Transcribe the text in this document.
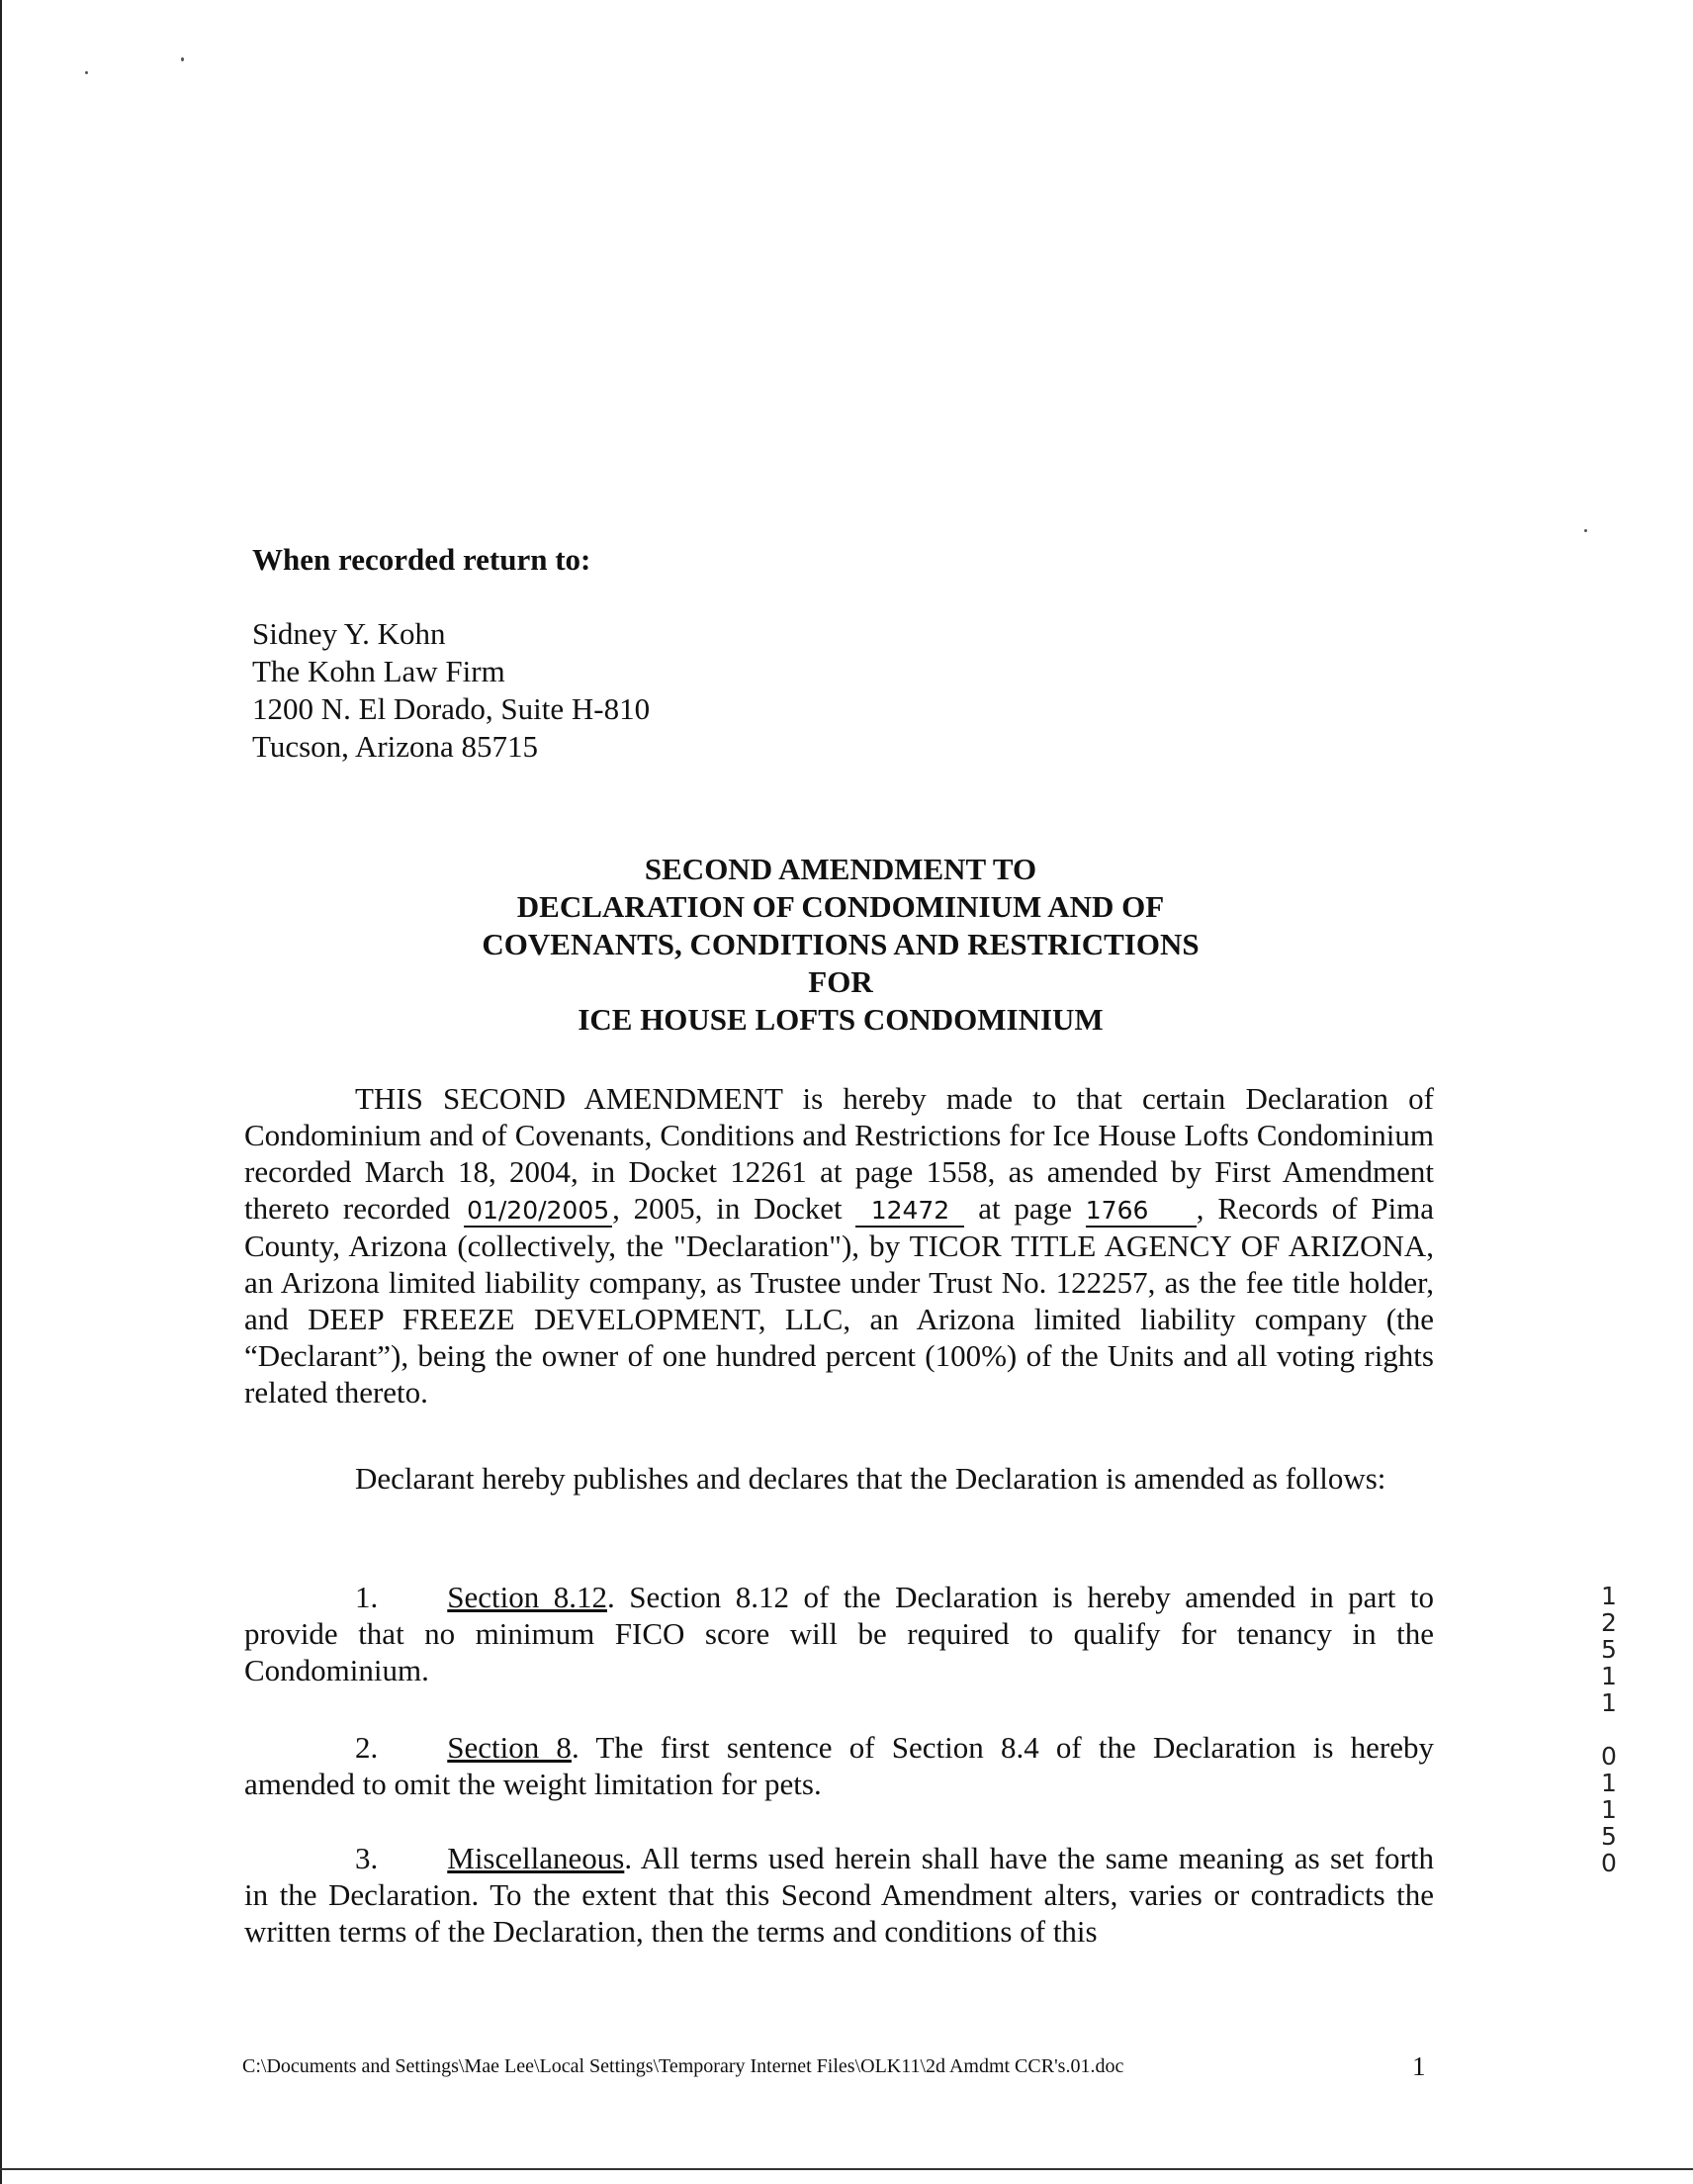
When recorded return to:
Sidney Y. Kohn
The Kohn Law Firm
1200 N. El Dorado, Suite H-810
Tucson, Arizona 85715
SECOND AMENDMENT TO
DECLARATION OF CONDOMINIUM AND OF
COVENANTS, CONDITIONS AND RESTRICTIONS
FOR
ICE HOUSE LOFTS CONDOMINIUM
THIS SECOND AMENDMENT is hereby made to that certain Declaration of Condominium and of Covenants, Conditions and Restrictions for Ice House Lofts Condominium recorded March 18, 2004, in Docket 12261 at page 1558, as amended by First Amendment thereto recorded 01/20/2005, 2005, in Docket 12472 at page 1766 , Records of Pima County, Arizona (collectively, the "Declaration"), by TICOR TITLE AGENCY OF ARIZONA, an Arizona limited liability company, as Trustee under Trust No. 122257, as the fee title holder, and DEEP FREEZE DEVELOPMENT, LLC, an Arizona limited liability company (the “Declarant”), being the owner of one hundred percent (100%) of the Units and all voting rights related thereto.
Declarant hereby publishes and declares that the Declaration is amended as follows:
1. Section 8.12. Section 8.12 of the Declaration is hereby amended in part to provide that no minimum FICO score will be required to qualify for tenancy in the Condominium.
2. Section 8. The first sentence of Section 8.4 of the Declaration is hereby amended to omit the weight limitation for pets.
3. Miscellaneous. All terms used herein shall have the same meaning as set forth in the Declaration. To the extent that this Second Amendment alters, varies or contradicts the written terms of the Declaration, then the terms and conditions of this
1
2
5
1
1
0
1
1
5
0
C:\Documents and Settings\Mae Lee\Local Settings\Temporary Internet Files\OLK11\2d Amdmt CCR's.01.doc	1
